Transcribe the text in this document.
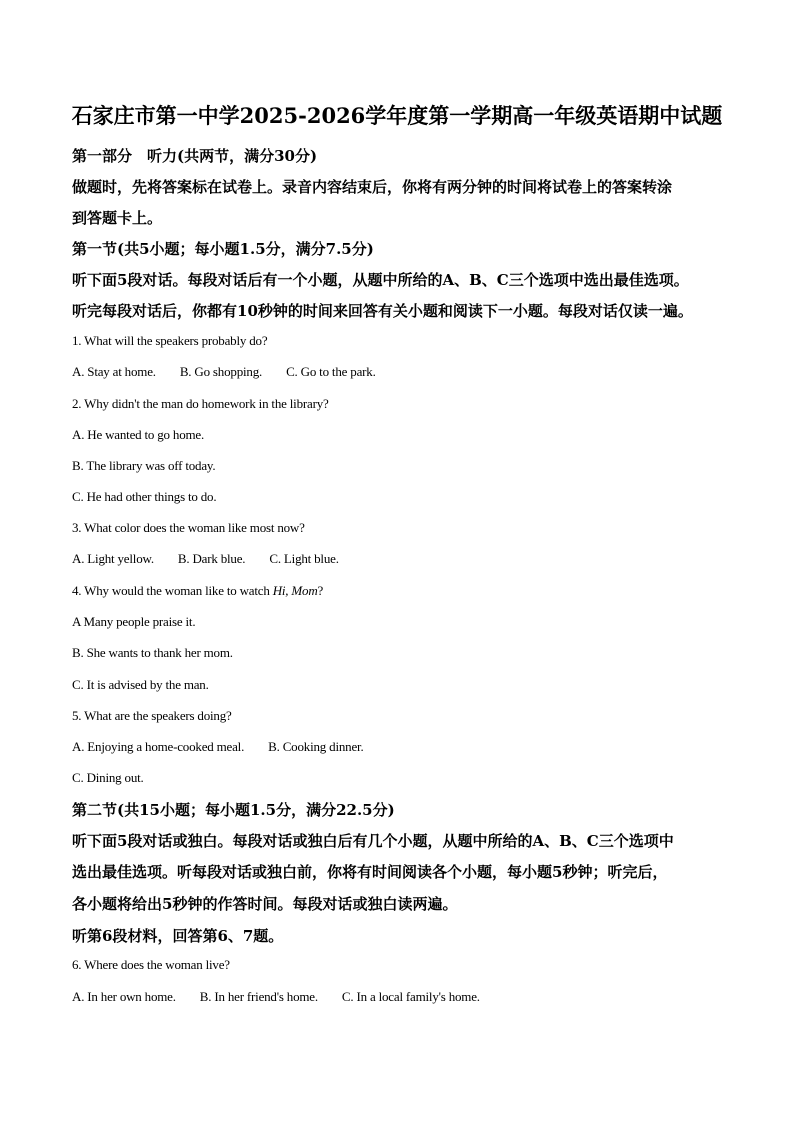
石家庄市第一中学2025-2026学年度第一学期高一年级英语期中试题
第一部分　听力(共两节，满分30分)
做题时，先将答案标在试卷上。录音内容结束后，你将有两分钟的时间将试卷上的答案转涂
到答题卡上。
第一节(共5小题；每小题1.5分，满分7.5分)
听下面5段对话。每段对话后有一个小题，从题中所给的A、B、C三个选项中选出最佳选项。
听完每段对话后，你都有10秒钟的时间来回答有关小题和阅读下一小题。每段对话仅读一遍。
1. What will the speakers probably do?
A. Stay at home. B. Go shopping. C. Go to the park.
2. Why didn't the man do homework in the library?
A. He wanted to go home.
B. The library was off today.
C. He had other things to do.
3. What color does the woman like most now?
A. Light yellow. B. Dark blue. C. Light blue.
4. Why would the woman like to watch Hi, Mom?
A Many people praise it.
B. She wants to thank her mom.
C. It is advised by the man.
5. What are the speakers doing?
A. Enjoying a home-cooked meal. B. Cooking dinner.
C. Dining out.
第二节(共15小题；每小题1.5分，满分22.5分)
听下面5段对话或独白。每段对话或独白后有几个小题，从题中所给的A、B、C三个选项中
选出最佳选项。听每段对话或独白前，你将有时间阅读各个小题，每小题5秒钟；听完后，
各小题将给出5秒钟的作答时间。每段对话或独白读两遍。
听第6段材料，回答第6、7题。
6. Where does the woman live?
A. In her own home. B. In her friend's home. C. In a local family's home.
